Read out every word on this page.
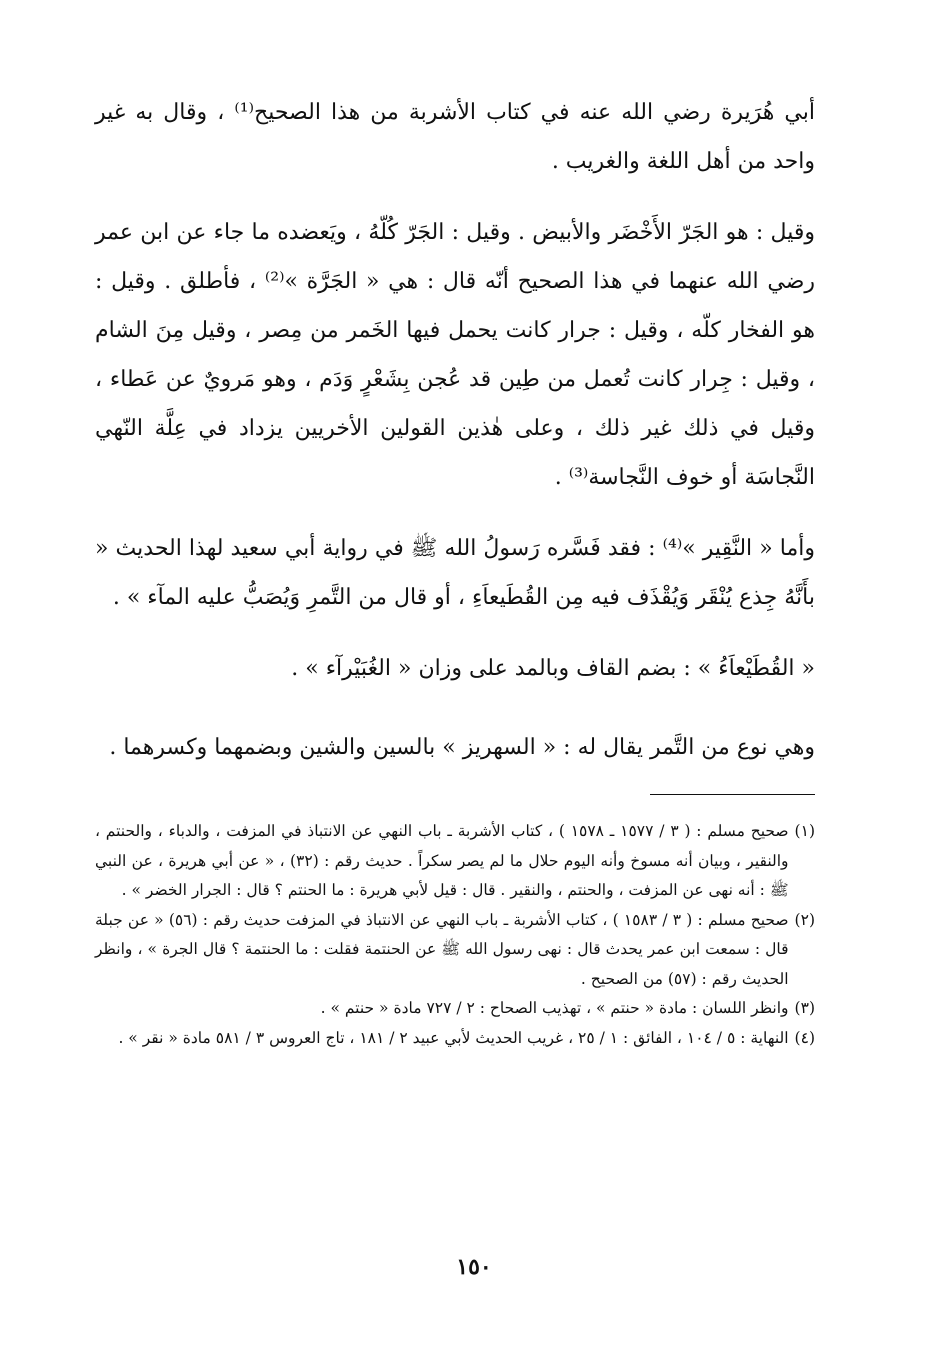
أبي هُرَيرة رضي الله عنه في كتاب الأشربة من هذا الصحيح⁽¹⁾ ، وقال به غير واحد من أهل اللغة والغريب .

وقيل : هو الجَرّ الأَخْضَر والأبيض . وقيل : الجَرّ كُلّهُ ، ويَعضده ما جاء عن ابن عمر رضي الله عنهما في هذا الصحيح أنّه قال : هي « الجَرَّة »⁽²⁾ ، فأطلق . وقيل : هو الفخار كلّه ، وقيل : جرار كانت يحمل فيها الخَمر من مِصر ، وقيل مِنَ الشام ، وقيل : جِرار كانت تُعمل من طِين قد عُجن بِشَعْرٍ وَدَم ، وهو مَرويٌ عن عَطاء ، وقيل في ذلك غير ذلك ، وعلى هٰذين القولين الأخريين يزداد في عِلَّة النّهي النَّجاسَة أو خوف النَّجاسة⁽³⁾ .

وأما « النَّقِير »⁽⁴⁾ : فقد فَسَّره رَسولُ الله ﷺ في رواية أبي سعيد لهذا الحديث « بأَنَّهُ جِذع يُنْقَر وَيُقْذَف فيه مِن القُطَيعاَءِ ، أو قال من التَّمرِ وَيُصَبُّ عليه المآء » .

« القُطَيْعاَءُ » : بضم القاف وبالمد على وزان « الغُبَيْرآء » .

وهي نوع من التَّمر يقال له : « السهريز » بالسين والشين وبضمهما وكسرهما .

(١)
صحيح مسلم : ( ٣ / ١٥٧٧ ـ ١٥٧٨ ) ، كتاب الأشربة ـ باب النهي عن الانتباذ في المزفت ، والدباء ، والحنتم ، والنقير ، وبيان أنه مسوخ وأنه اليوم حلال ما لم يصر سكراً . حديث رقم : (٣٢) ، « عن أبي هريرة ، عن النبي ﷺ : أنه نهى عن المزفت ، والحنتم ، والنقير . قال : قيل لأبي هريرة : ما الحنتم ؟ قال : الجرار الخضر » .
(٢)
صحيح مسلم : ( ٣ / ١٥٨٣ ) ، كتاب الأشربة ـ باب النهي عن الانتباذ في المزفت حديث رقم : (٥٦) « عن جبلة قال : سمعت ابن عمر يحدث قال : نهى رسول الله ﷺ عن الحنتمة فقلت : ما الحنتمة ؟ قال الجرة » ، وانظر الحديث رقم : (٥٧) من الصحيح .
(٣)
وانظر اللسان : مادة « حنتم » ، تهذيب الصحاح : ٢ / ٧٢٧ مادة « حنتم » .
(٤)
النهاية : ٥ / ١٠٤ ، الفائق : ١ / ٢٥ ، غريب الحديث لأبي عبيد ٢ / ١٨١ ، تاج العروس ٣ / ٥٨١ مادة « نقر » .
١٥٠
